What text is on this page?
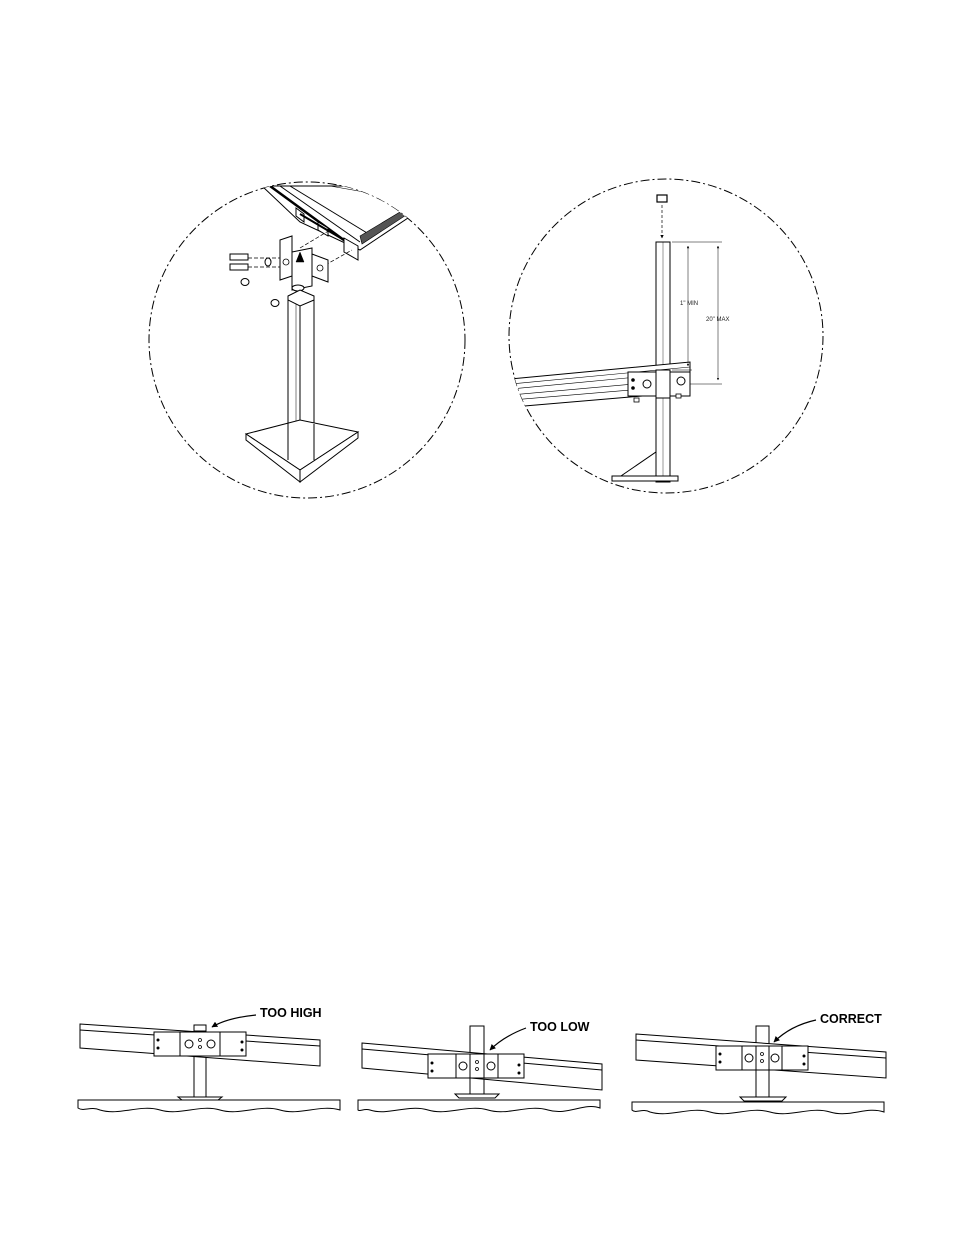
1" MIN
20" MAX
TOO HIGH
TOO LOW
CORRECT
